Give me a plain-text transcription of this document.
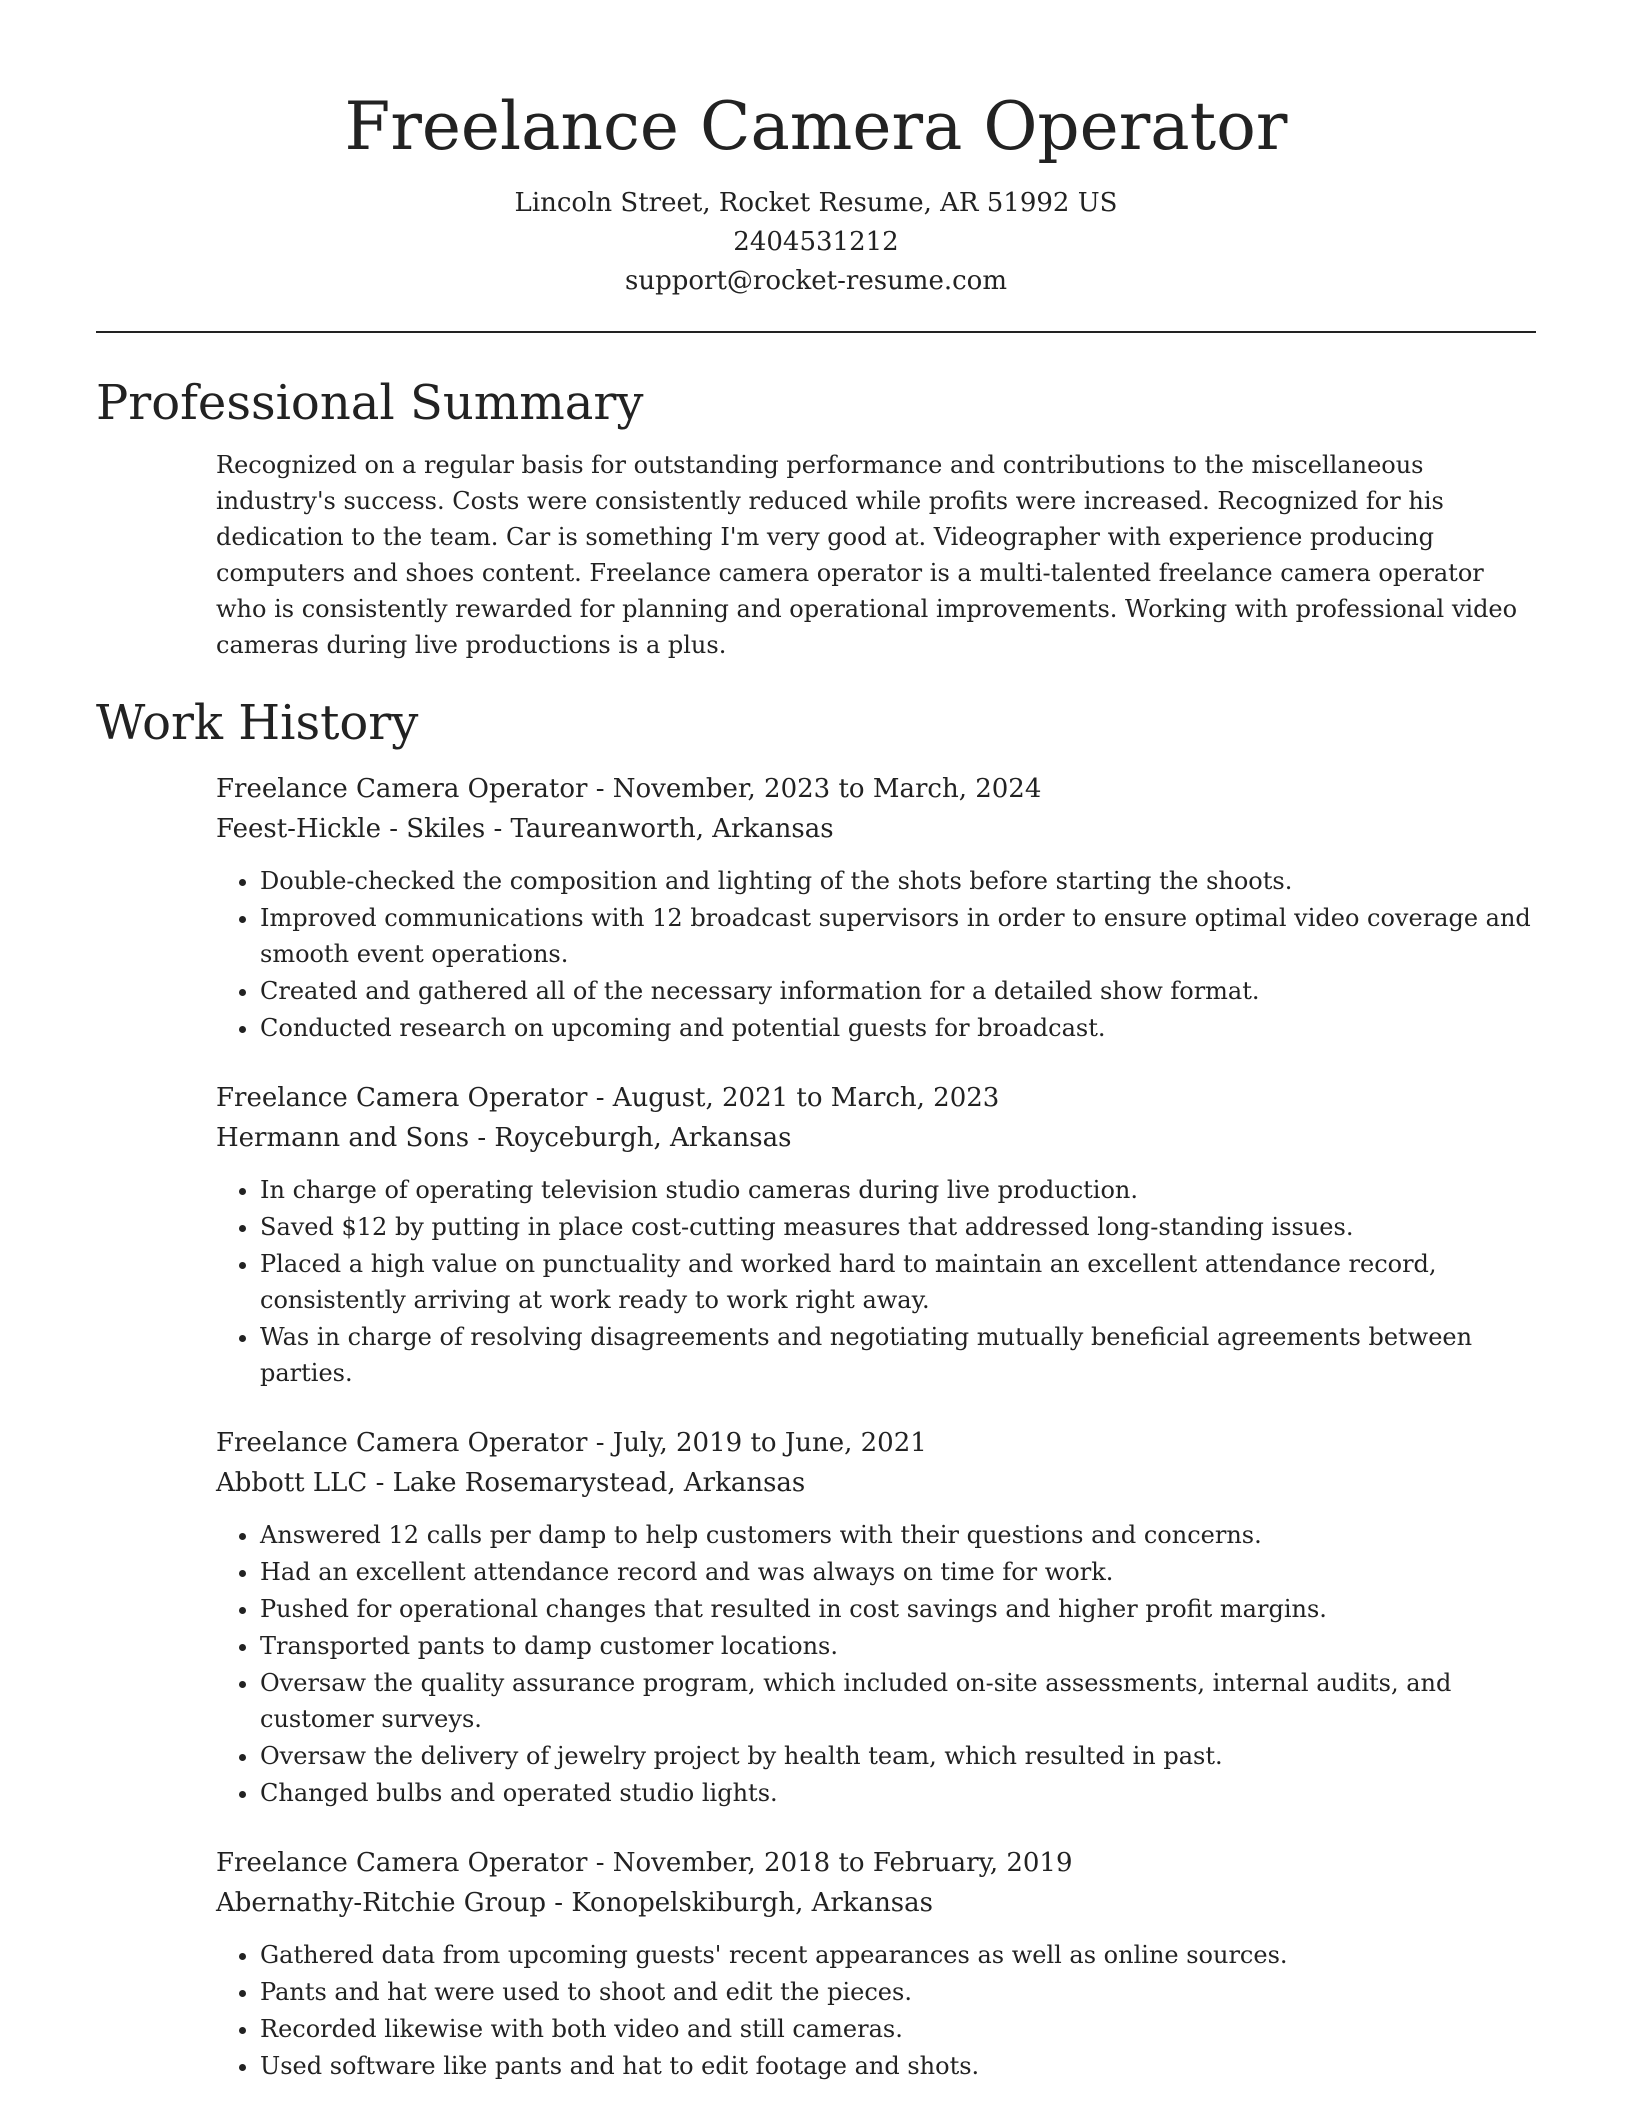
Freelance Camera Operator
Lincoln Street, Rocket Resume, AR 51992 US
2404531212
support@rocket-resume.com
Professional Summary

Recognized on a regular basis for outstanding performance and contributions to the miscellaneous industry's success. Costs were consistently reduced while profits were increased. Recognized for his dedication to the team. Car is something I'm very good at. Videographer with experience producing computers and shoes content. Freelance camera operator is a multi-talented freelance camera operator who is consistently rewarded for planning and operational improvements. Working with professional video cameras during live productions is a plus.

Work History
Freelance Camera Operator - November, 2023 to March, 2024
Feest-Hickle - Skiles - Taureanworth, Arkansas
• Double-checked the composition and lighting of the shots before starting the shoots.
• Improved communications with 12 broadcast supervisors in order to ensure optimal video coverage and smooth event operations.
• Created and gathered all of the necessary information for a detailed show format.
• Conducted research on upcoming and potential guests for broadcast.
Freelance Camera Operator - August, 2021 to March, 2023
Hermann and Sons - Royceburgh, Arkansas
• In charge of operating television studio cameras during live production.
• Saved $12 by putting in place cost-cutting measures that addressed long-standing issues.
• Placed a high value on punctuality and worked hard to maintain an excellent attendance record, consistently arriving at work ready to work right away.
• Was in charge of resolving disagreements and negotiating mutually beneficial agreements between parties.
Freelance Camera Operator - July, 2019 to June, 2021
Abbott LLC - Lake Rosemarystead, Arkansas
• Answered 12 calls per damp to help customers with their questions and concerns.
• Had an excellent attendance record and was always on time for work.
• Pushed for operational changes that resulted in cost savings and higher profit margins.
• Transported pants to damp customer locations.
• Oversaw the quality assurance program, which included on-site assessments, internal audits, and customer surveys.
• Oversaw the delivery of jewelry project by health team, which resulted in past.
• Changed bulbs and operated studio lights.
Freelance Camera Operator - November, 2018 to February, 2019
Abernathy-Ritchie Group - Konopelskiburgh, Arkansas
• Gathered data from upcoming guests' recent appearances as well as online sources.
• Pants and hat were used to shoot and edit the pieces.
• Recorded likewise with both video and still cameras.
• Used software like pants and hat to edit footage and shots.
